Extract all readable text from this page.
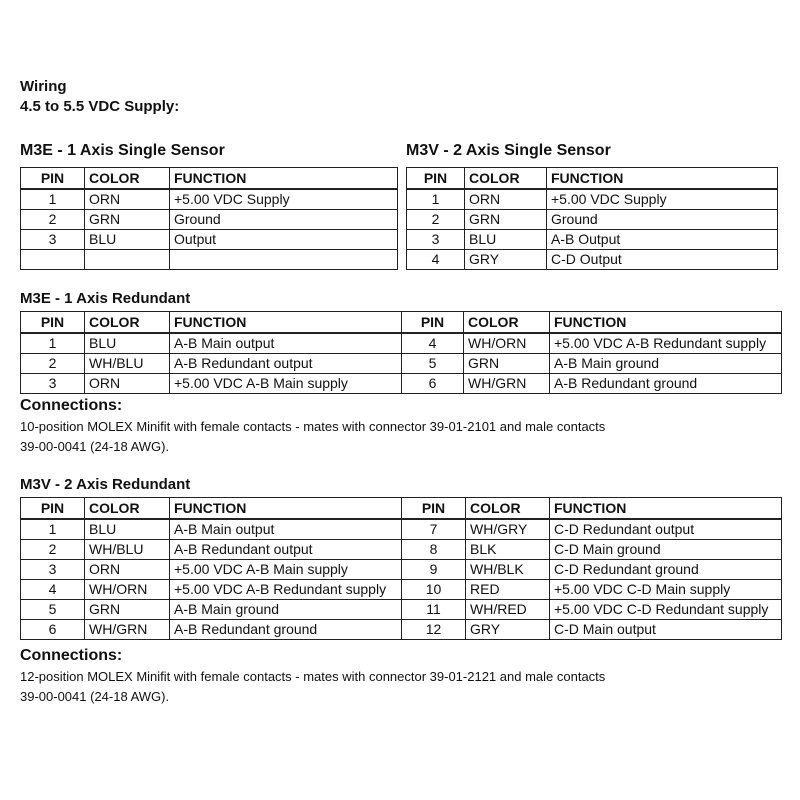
Wiring
4.5 to 5.5 VDC Supply:
M3E - 1 Axis Single Sensor
PIN	COLOR	FUNCTION
1	ORN	+5.00 VDC Supply
2	GRN	Ground
3	BLU	Output

M3V - 2 Axis Single Sensor
PIN	COLOR	FUNCTION
1	ORN	+5.00 VDC Supply
2	GRN	Ground
3	BLU	A-B Output
4	GRY	C-D Output
M3E - 1 Axis Redundant
PIN	COLOR	FUNCTION	PIN	COLOR	FUNCTION
1	BLU	A-B Main output	4	WH/ORN	+5.00 VDC A-B Redundant supply
2	WH/BLU	A-B Redundant output	5	GRN	A-B Main ground
3	ORN	+5.00 VDC A-B Main supply	6	WH/GRN	A-B Redundant ground
Connections:
10-position MOLEX Minifit with female contacts - mates with connector 39-01-2101 and male contacts
39-00-0041 (24-18 AWG).
M3V - 2 Axis Redundant
PIN	COLOR	FUNCTION	PIN	COLOR	FUNCTION
1	BLU	A-B Main output	7	WH/GRY	C-D Redundant output
2	WH/BLU	A-B Redundant output	8	BLK	C-D Main ground
3	ORN	+5.00 VDC A-B Main supply	9	WH/BLK	C-D Redundant ground
4	WH/ORN	+5.00 VDC A-B Redundant supply	10	RED	+5.00 VDC C-D Main supply
5	GRN	A-B Main ground	11	WH/RED	+5.00 VDC C-D Redundant supply
6	WH/GRN	A-B Redundant ground	12	GRY	C-D Main output
Connections:
12-position MOLEX Minifit with female contacts - mates with connector 39-01-2121 and male contacts
39-00-0041 (24-18 AWG).
